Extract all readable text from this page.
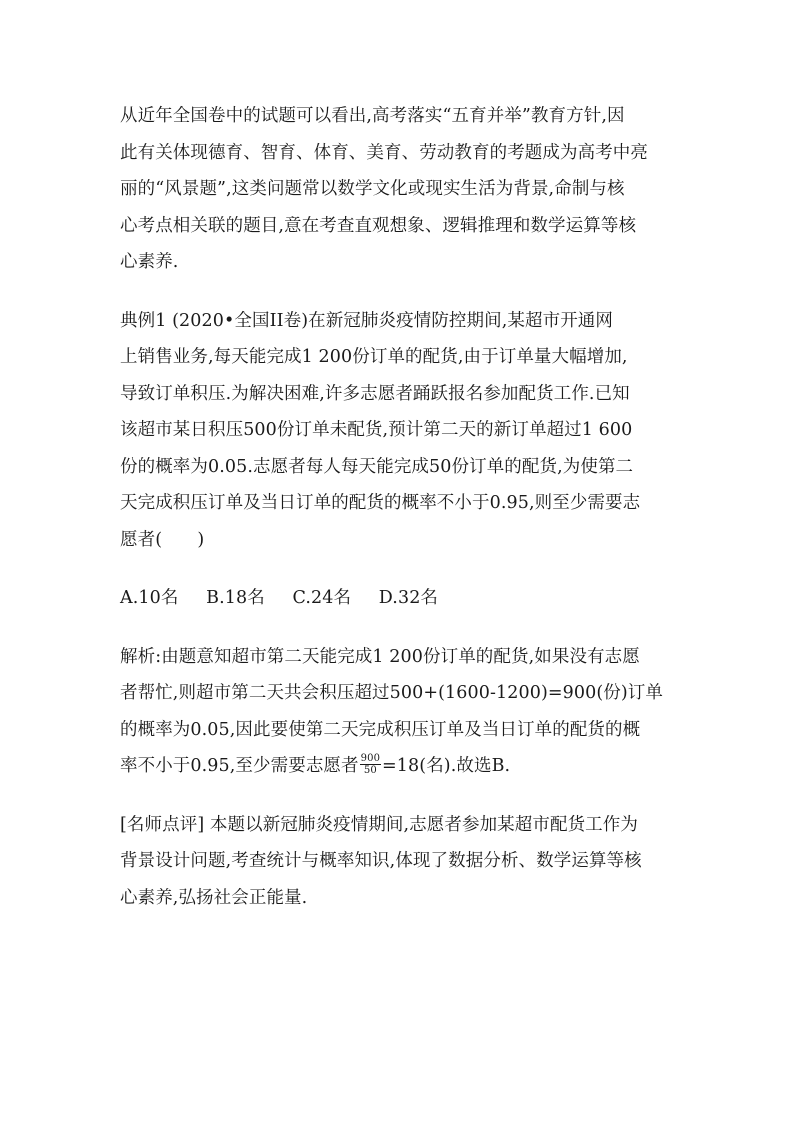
从近年全国卷中的试题可以看出,高考落实“五育并举”教育方针,因
此有关体现德育、智育、体育、美育、劳动教育的考题成为高考中亮
丽的“风景题”,这类问题常以数学文化或现实生活为背景,命制与核
心考点相关联的题目,意在考查直观想象、逻辑推理和数学运算等核
心素养.
典例1 (2020•全国II卷)在新冠肺炎疫情防控期间,某超市开通网
上销售业务,每天能完成1 200份订单的配货,由于订单量大幅增加,
导致订单积压.为解决困难,许多志愿者踊跃报名参加配货工作.已知
该超市某日积压500份订单未配货,预计第二天的新订单超过1 600
份的概率为0.05.志愿者每人每天能完成50份订单的配货,为使第二
天完成积压订单及当日订单的配货的概率不小于0.95,则至少需要志
愿者(　　)
A.10名 B.18名 C.24名 D.32名
解析:由题意知超市第二天能完成1 200份订单的配货,如果没有志愿
者帮忙,则超市第二天共会积压超过500+(1600-1200)=900(份)订单
的概率为0.05,因此要使第二天完成积压订单及当日订单的配货的概
率不小于0.95,至少需要志愿者 $\frac{900}{50} =18$(名).故选B.
[名师点评] 本题以新冠肺炎疫情期间,志愿者参加某超市配货工作为
背景设计问题,考查统计与概率知识,体现了数据分析、数学运算等核
心素养,弘扬社会正能量.
